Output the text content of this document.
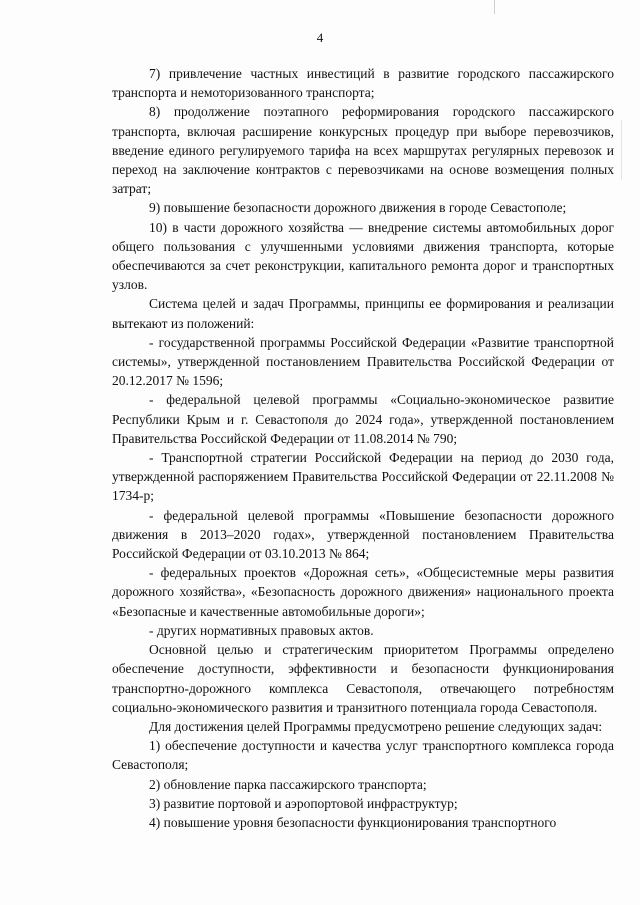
4

7) привлечение частных инвестиций в развитие городского пассажирского транспорта и немоторизованного транспорта;

8) продолжение поэтапного реформирования городского пассажирского транспорта, включая расширение конкурсных процедур при выборе перевозчиков, введение единого регулируемого тарифа на всех маршрутах регулярных перевозок и переход на заключение контрактов с перевозчиками на основе возмещения полных затрат;

9) повышение безопасности дорожного движения в городе Севастополе;

10) в части дорожного хозяйства — внедрение системы автомобильных дорог общего пользования с улучшенными условиями движения транспорта, которые обеспечиваются за счет реконструкции, капитального ремонта дорог и транспортных узлов.

Система целей и задач Программы, принципы ее формирования и реализации вытекают из положений:

- государственной программы Российской Федерации «Развитие транспортной системы», утвержденной постановлением Правительства Российской Федерации от 20.12.2017 № 1596;

- федеральной целевой программы «Социально-экономическое развитие Республики Крым и г. Севастополя до 2024 года», утвержденной постановлением Правительства Российской Федерации от 11.08.2014 № 790;

- Транспортной стратегии Российской Федерации на период до 2030 года, утвержденной распоряжением Правительства Российской Федерации от 22.11.2008 № 1734-р;

- федеральной целевой программы «Повышение безопасности дорожного движения в 2013–2020 годах», утвержденной постановлением Правительства Российской Федерации от 03.10.2013 № 864;

- федеральных проектов «Дорожная сеть», «Общесистемные меры развития дорожного хозяйства», «Безопасность дорожного движения» национального проекта «Безопасные и качественные автомобильные дороги»;

- других нормативных правовых актов.

Основной целью и стратегическим приоритетом Программы определено обеспечение доступности, эффективности и безопасности функционирования транспортно-дорожного комплекса Севастополя, отвечающего потребностям социально-экономического развития и транзитного потенциала города Севастополя.

Для достижения целей Программы предусмотрено решение следующих задач:

1) обеспечение доступности и качества услуг транспортного комплекса города Севастополя;

2) обновление парка пассажирского транспорта;

3) развитие портовой и аэропортовой инфраструктур;

4) повышение уровня безопасности функционирования транспортного
